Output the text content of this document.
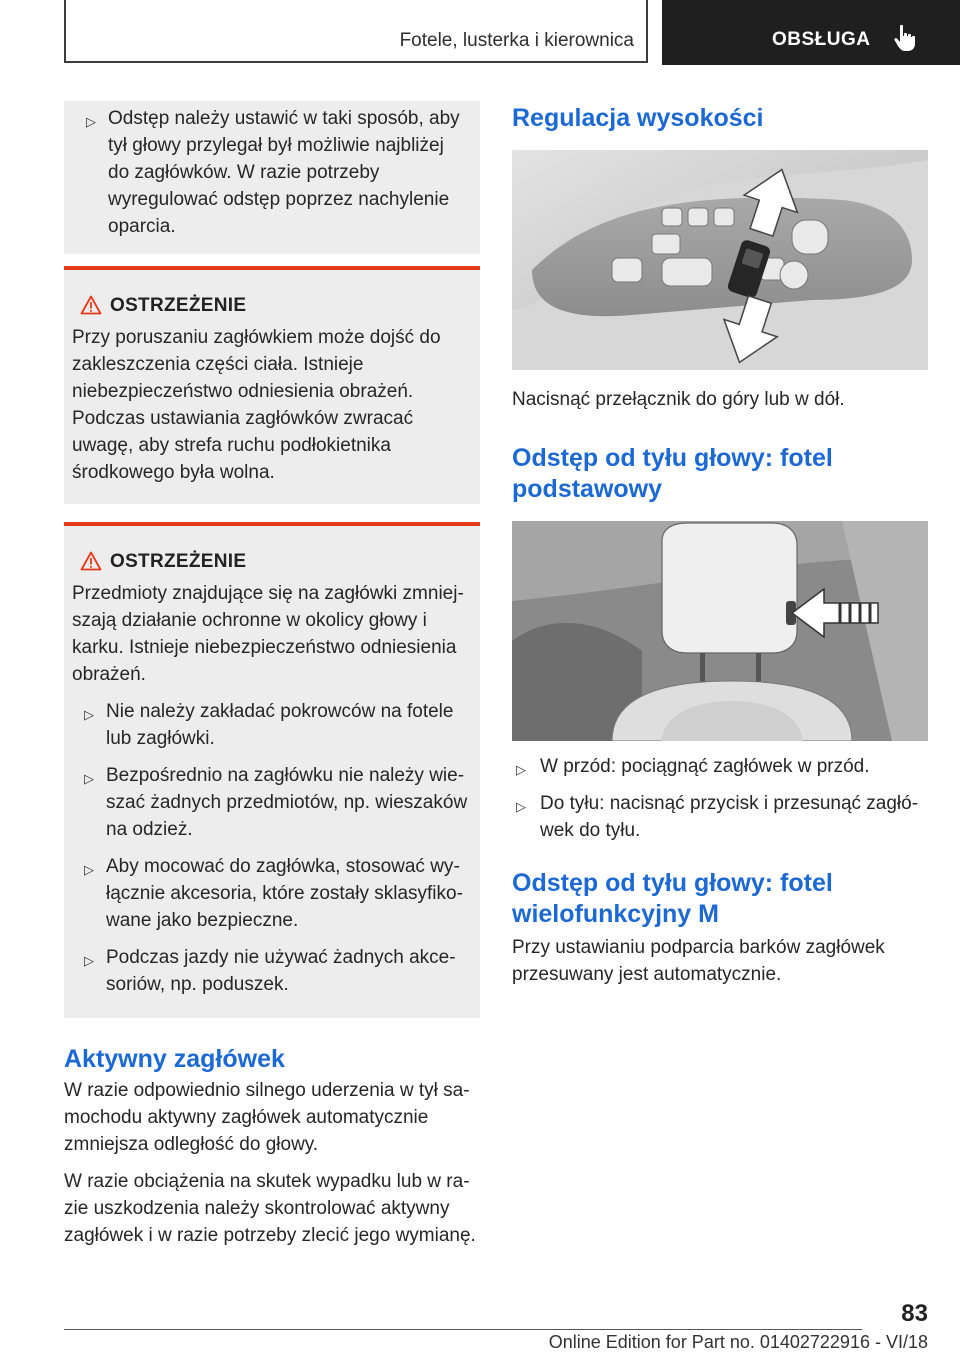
Fotele, lusterka i kierownica	OBSŁUGA
▷ Odstęp należy ustawić w taki sposób, aby tył głowy przylegał był możliwie najbliżej do zagłówków. W razie potrzeby wyregulować odstęp poprzez nachylenie oparcia.
OSTRZEŻENIE

Przy poruszaniu zagłówkiem może dojść do zakleszczenia części ciała. Istnieje niebezpieczeństwo odniesienia obrażeń. Podczas ustawiania zagłówków zwracać uwagę, aby strefa ruchu podłokietnika środkowego była wolna.

OSTRZEŻENIE

Przedmioty znajdujące się na zagłówki zmniejszają działanie ochronne w okolicy głowy i karku. Istnieje niebezpieczeństwo odniesienia obrażeń.

▷ Nie należy zakładać pokrowców na fotele lub zagłówki.
▷ Bezpośrednio na zagłówku nie należy wieszać żadnych przedmiotów, np. wieszaków na odzież.
▷ Aby mocować do zagłówka, stosować wyłącznie akcesoria, które zostały sklasyfikowane jako bezpieczne.
▷ Podczas jazdy nie używać żadnych akcesoriów, np. poduszek.
Aktywny zagłówek

W razie odpowiednio silnego uderzenia w tył samochodu aktywny zagłówek automatycznie zmniejsza odległość do głowy.

W razie obciążenia na skutek wypadku lub w razie uszkodzenia należy skontrolować aktywny zagłówek i w razie potrzeby zlecić jego wymianę.

Regulacja wysokości

Nacisnąć przełącznik do góry lub w dół.

Odstęp od tyłu głowy: fotel podstawowy
▷ W przód: pociągnąć zagłówek w przód.
▷ Do tyłu: nacisnąć przycisk i przesunąć zagłówek do tyłu.
Odstęp od tyłu głowy: fotel wielofunkcyjny M

Przy ustawianiu podparcia barków zagłówek przesuwany jest automatycznie.

83
Online Edition for Part no. 01402722916 - VI/18
